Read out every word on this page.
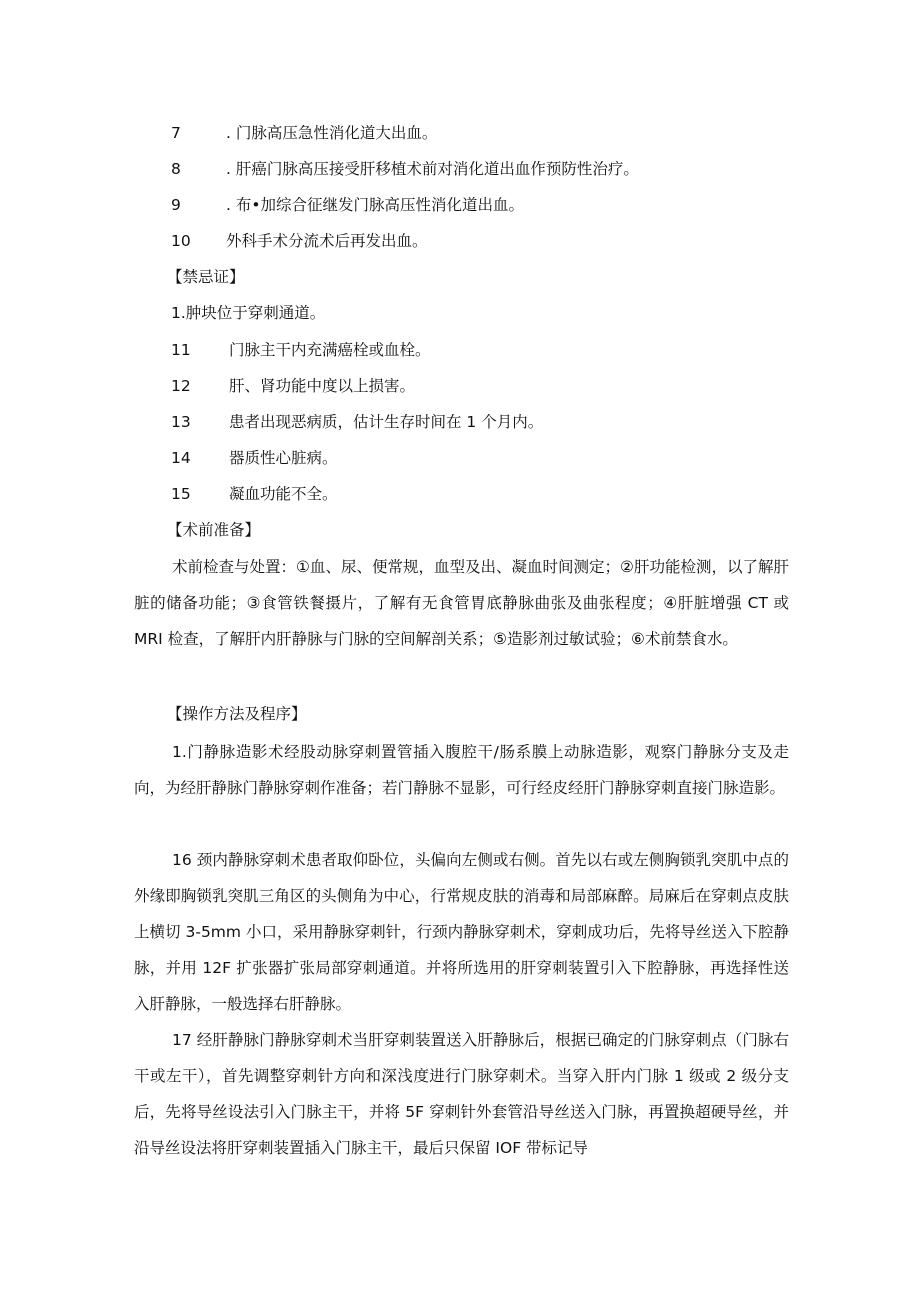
7	. 门脉高压急性消化道大出血。
8	. 肝癌门脉高压接受肝移植术前对消化道出血作预防性治疗。
9	. 布•加综合征继发门脉高压性消化道出血。
10 外科手术分流术后再发出血。
【禁忌证】
1.肿块位于穿刺通道。
11 门脉主干内充满癌栓或血栓。
12 肝、肾功能中度以上损害。
13 患者出现恶病质，估计生存时间在 1 个月内。
14 器质性心脏病。
15 凝血功能不全。
【术前准备】
术前检查与处置：①血、尿、便常规，血型及出、凝血时间测定；②肝功能检测，以了解肝脏的储备功能；③食管铁餐摄片，了解有无食管胃底静脉曲张及曲张程度；④肝脏增强 CT 或 MRI 检查，了解肝内肝静脉与门脉的空间解剖关系；⑤造影剂过敏试验；⑥术前禁食水。
【操作方法及程序】
1.门静脉造影术经股动脉穿刺置管插入腹腔干/肠系膜上动脉造影，观察门静脉分支及走向，为经肝静脉门静脉穿刺作准备；若门静脉不显影，可行经皮经肝门静脉穿刺直接门脉造影。
16 颈内静脉穿刺术患者取仰卧位，头偏向左侧或右侧。首先以右或左侧胸锁乳突肌中点的外缘即胸锁乳突肌三角区的头侧角为中心，行常规皮肤的消毒和局部麻醉。局麻后在穿刺点皮肤上横切 3-5mm 小口，采用静脉穿刺针，行颈内静脉穿刺术，穿刺成功后，先将导丝送入下腔静脉，并用 12F 扩张器扩张局部穿刺通道。并将所选用的肝穿刺装置引入下腔静脉，再选择性送入肝静脉，一般选择右肝静脉。
17 经肝静脉门静脉穿刺术当肝穿刺装置送入肝静脉后，根据已确定的门脉穿刺点（门脉右干或左干），首先调整穿刺针方向和深浅度进行门脉穿刺术。当穿入肝内门脉 1 级或 2 级分支后，先将导丝设法引入门脉主干，并将 5F 穿刺针外套管沿导丝送入门脉，再置换超硬导丝，并沿导丝设法将肝穿刺装置插入门脉主干，最后只保留 IOF 带标记导
